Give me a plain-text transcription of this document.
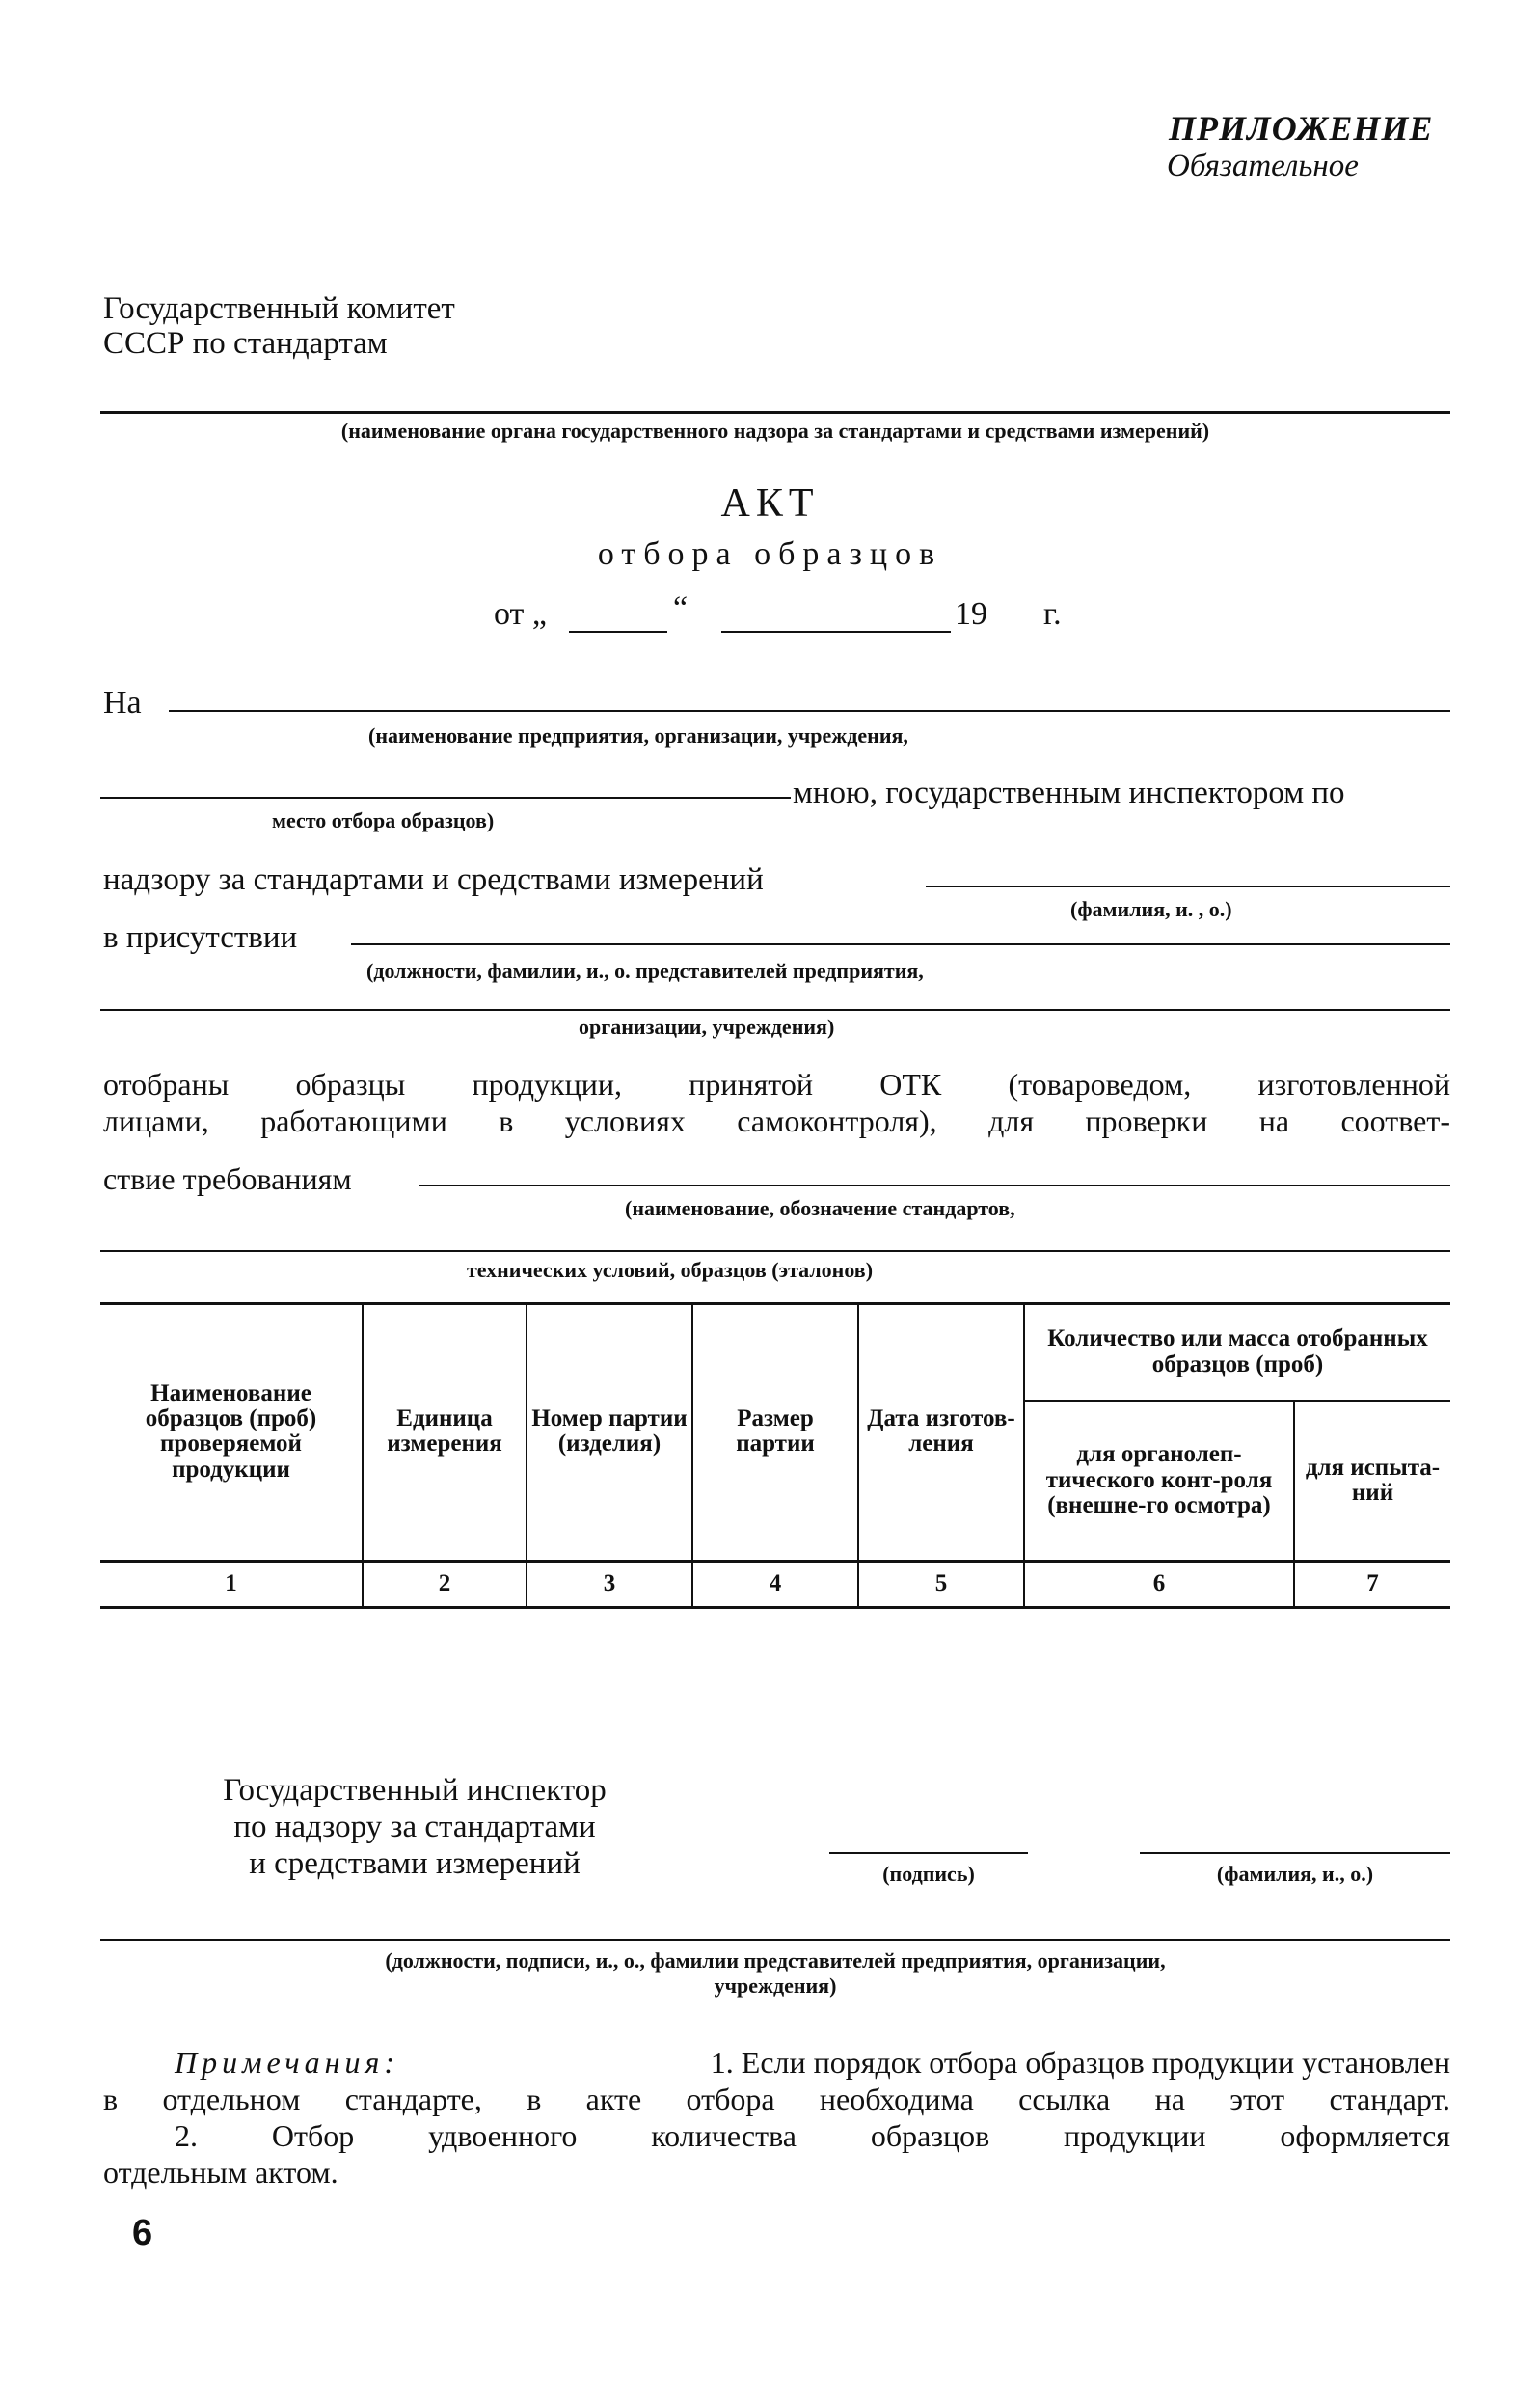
ПРИЛОЖЕНИЕ
Обязательное
Государственный комитет
СССР по стандартам
(наименование органа государственного надзора за стандартами и средствами измерений)
АКТ
отбора образцов
от „	“	19 г.
На
(наименование предприятия, организации, учреждения,
мною, государственным инспектором по
место отбора образцов)
надзору за стандартами и средствами измерений
(фамилия, и. , о.)
в присутствии
(должности, фамилии, и., о. представителей предприятия,
организации, учреждения)
отобраны образцы продукции, принятой ОТК (товароведом, изготовленной
лицами, работающими в условиях самоконтроля), для проверки на соответ-
ствие требованиям
(наименование, обозначение стандартов,
технических условий, образцов (эталонов)
Наименование образцов (проб) проверяемой продукции	Единица измерения	Номер партии (изделия)	Размер партии	Дата изготов-ления	Количество или масса отобранных образцов (проб)	
					для органолеп-тического конт-роля (внешне-го осмотра)	для испыта-ний
1	2	3	4	5	6	7
Государственный инспектор
по надзору за стандартами
и средствами измерений	(подпись)	(фамилия, и., о.)
(должности, подписи, и., о., фамилии представителей предприятия, организации,
учреждения)
Примечания:	1. Если порядок отбора образцов продукции установлен
в отдельном стандарте, в акте отбора необходима ссылка на этот стандарт.
2. Отбор удвоенного количества образцов продукции оформляется
отдельным актом.
6
